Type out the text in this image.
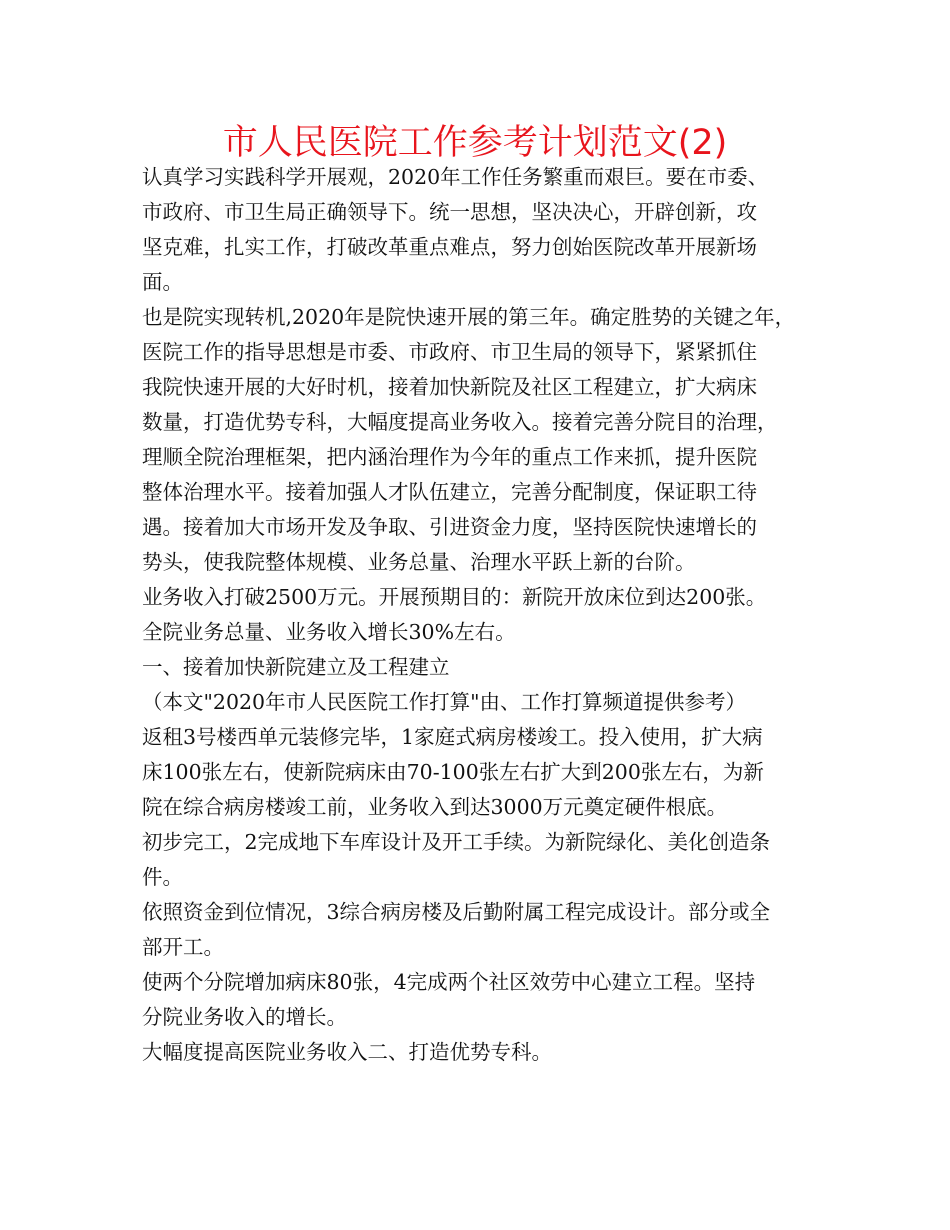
市人民医院工作参考计划范文(2)
认真学习实践科学开展观，2020年工作任务繁重而艰巨。要在市委、
市政府、市卫生局正确领导下。统一思想，坚决决心，开辟创新，攻
坚克难，扎实工作，打破改革重点难点，努力创始医院改革开展新场
面。
也是院实现转机,2020年是院快速开展的第三年。确定胜势的关键之年，
医院工作的指导思想是市委、市政府、市卫生局的领导下，紧紧抓住
我院快速开展的大好时机，接着加快新院及社区工程建立，扩大病床
数量，打造优势专科，大幅度提高业务收入。接着完善分院目的治理，
理顺全院治理框架，把内涵治理作为今年的重点工作来抓，提升医院
整体治理水平。接着加强人才队伍建立，完善分配制度，保证职工待
遇。接着加大市场开发及争取、引进资金力度，坚持医院快速增长的
势头，使我院整体规模、业务总量、治理水平跃上新的台阶。
业务收入打破2500万元。开展预期目的：新院开放床位到达200张。
全院业务总量、业务收入增长30%左右。
一、接着加快新院建立及工程建立
（本文"2020年市人民医院工作打算"由、工作打算频道提供参考）
返租3号楼西单元装修完毕，1家庭式病房楼竣工。投入使用，扩大病
床100张左右，使新院病床由70-100张左右扩大到200张左右，为新
院在综合病房楼竣工前，业务收入到达3000万元奠定硬件根底。
初步完工，2完成地下车库设计及开工手续。为新院绿化、美化创造条
件。
依照资金到位情况，3综合病房楼及后勤附属工程完成设计。部分或全
部开工。
使两个分院增加病床80张，4完成两个社区效劳中心建立工程。坚持
分院业务收入的增长。
大幅度提高医院业务收入二、打造优势专科。
